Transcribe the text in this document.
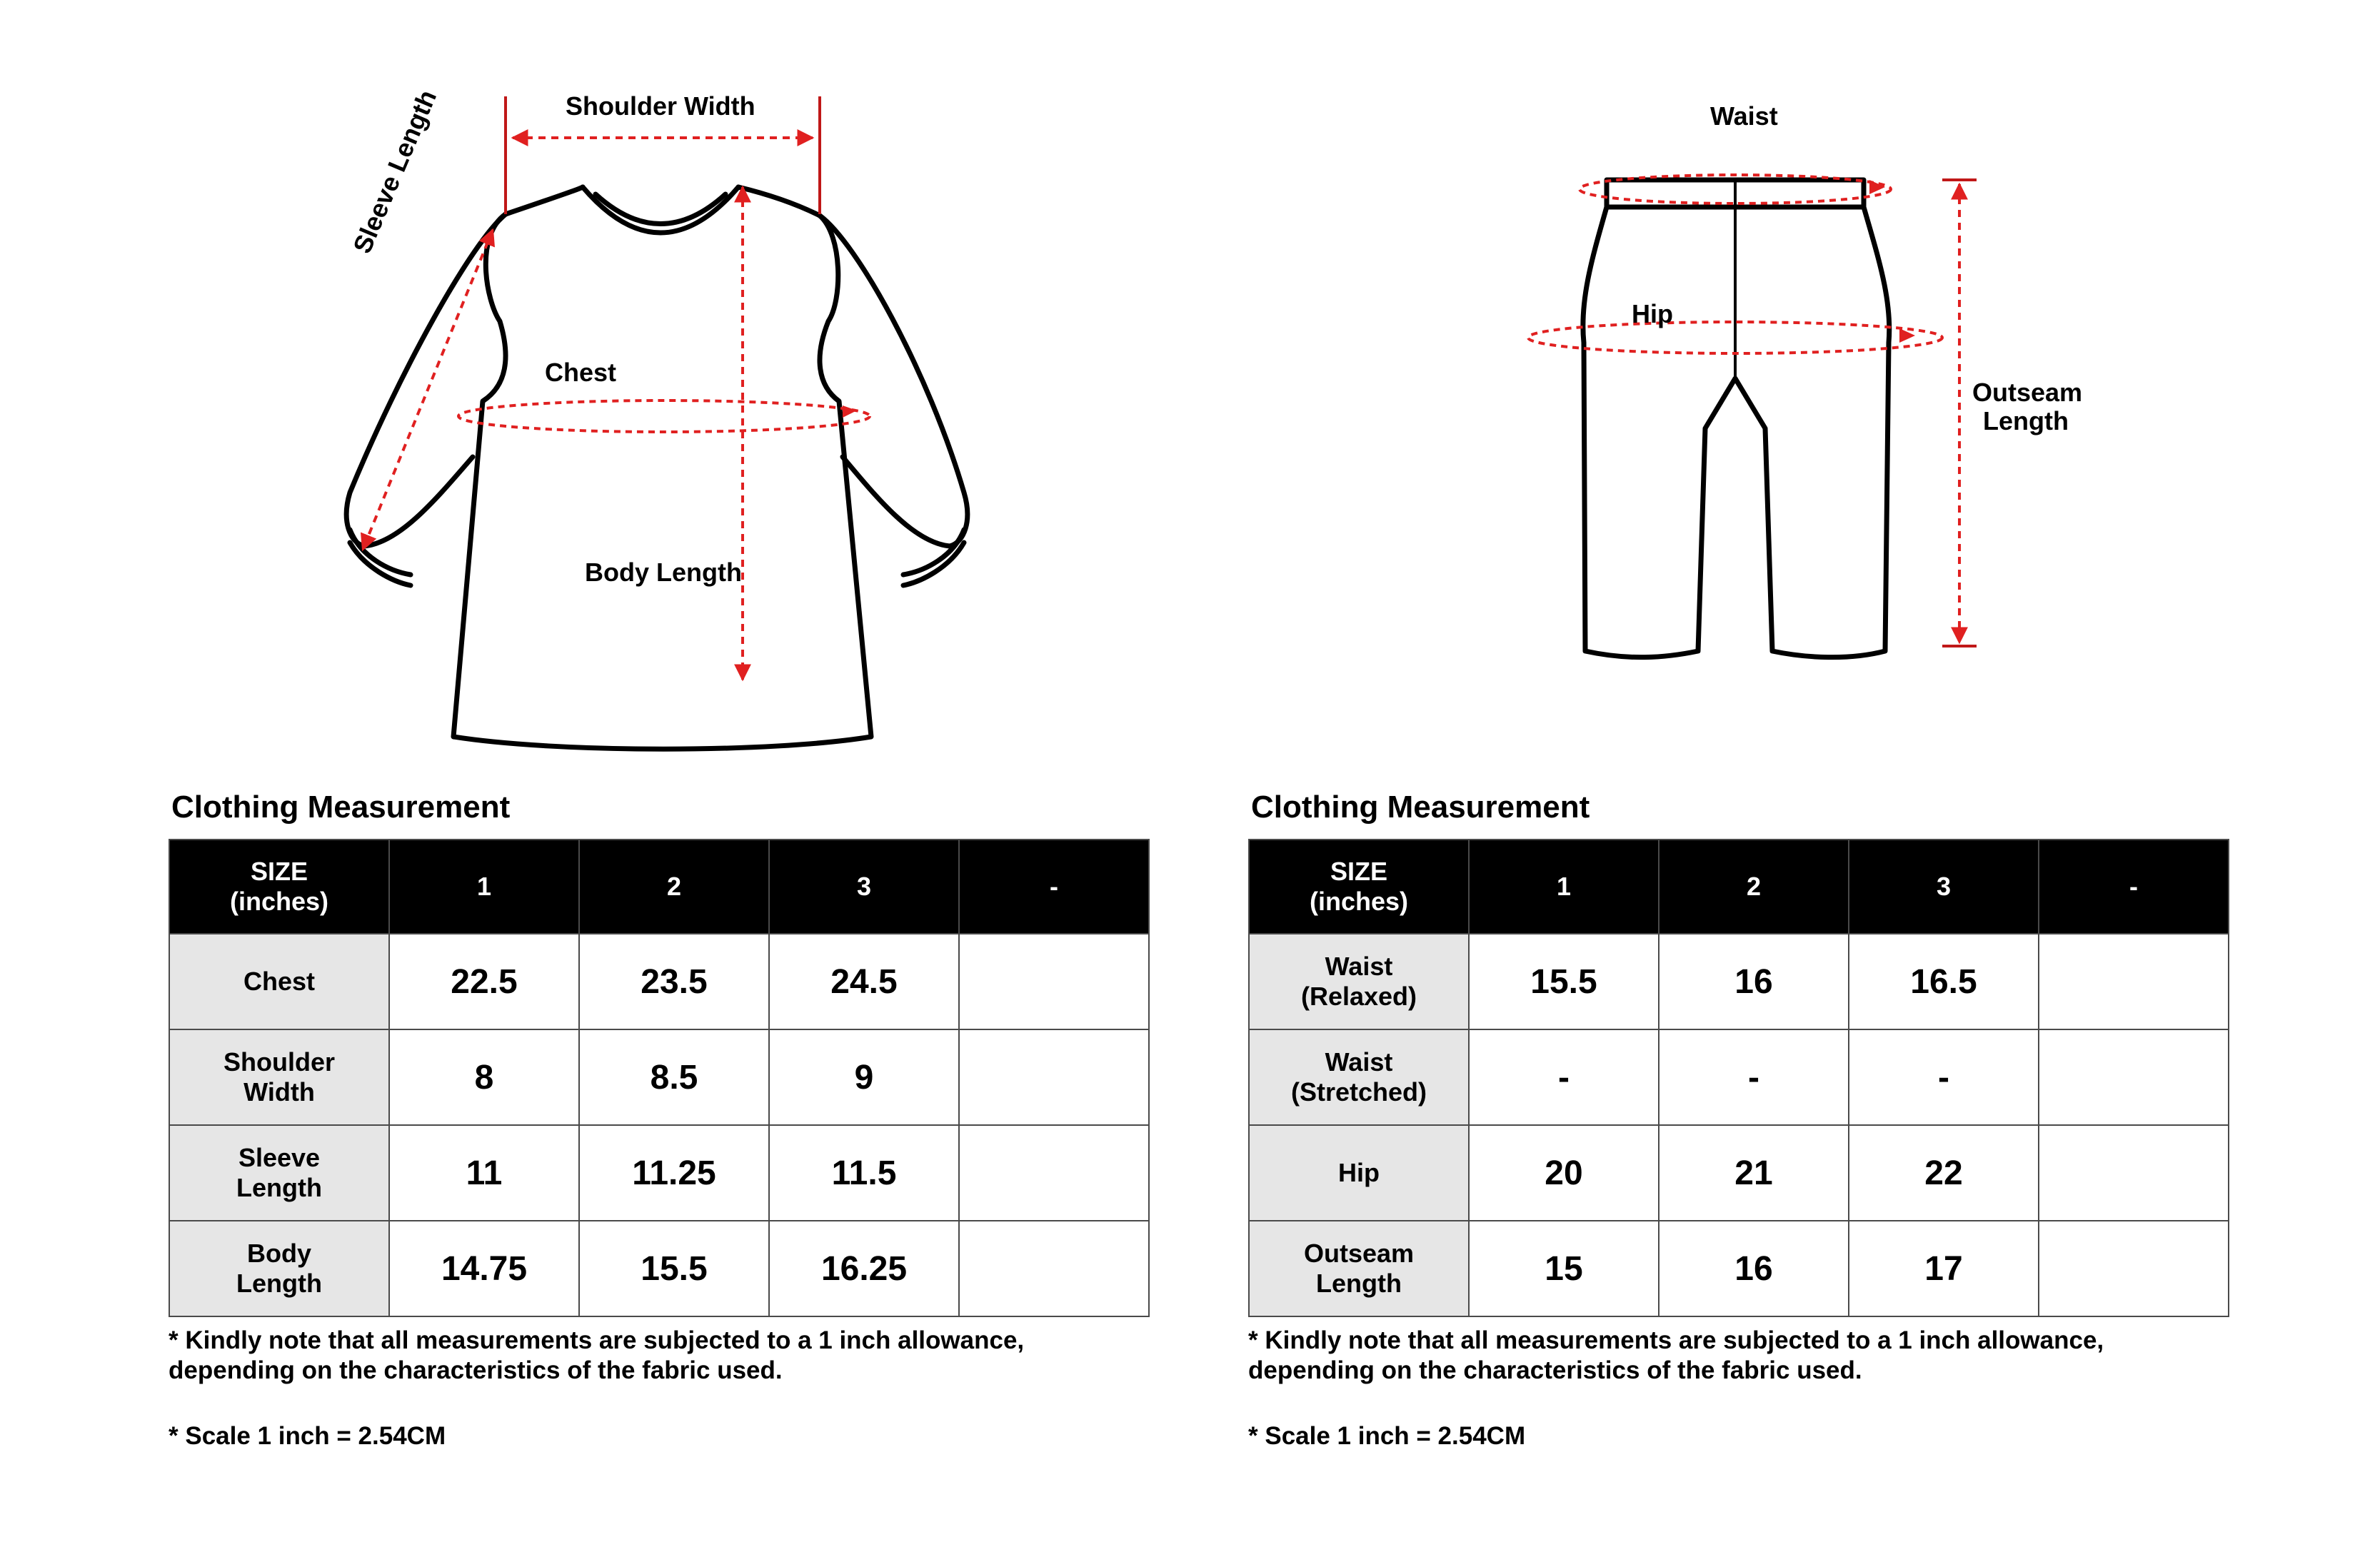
Shoulder Width
Sleeve Length
Chest
Body Length
Waist
Hip
Outseam
Length
Clothing Measurement
SIZE
(inches)	1	2	3	-
Chest	22.5	23.5	24.5	
Shoulder
Width	8	8.5	9	
Sleeve
Length	11	11.25	11.5	
Body
Length	14.75	15.5	16.25	
* Kindly note that all measurements are subjected to a 1 inch allowance,
depending on the characteristics of the fabric used.
* Scale 1 inch = 2.54CM
Clothing Measurement
SIZE
(inches)	1	2	3	-
Waist
(Relaxed)	15.5	16	16.5	
Waist
(Stretched)	-	-	-	
Hip	20	21	22	
Outseam
Length	15	16	17	
* Kindly note that all measurements are subjected to a 1 inch allowance,
depending on the characteristics of the fabric used.
* Scale 1 inch = 2.54CM
